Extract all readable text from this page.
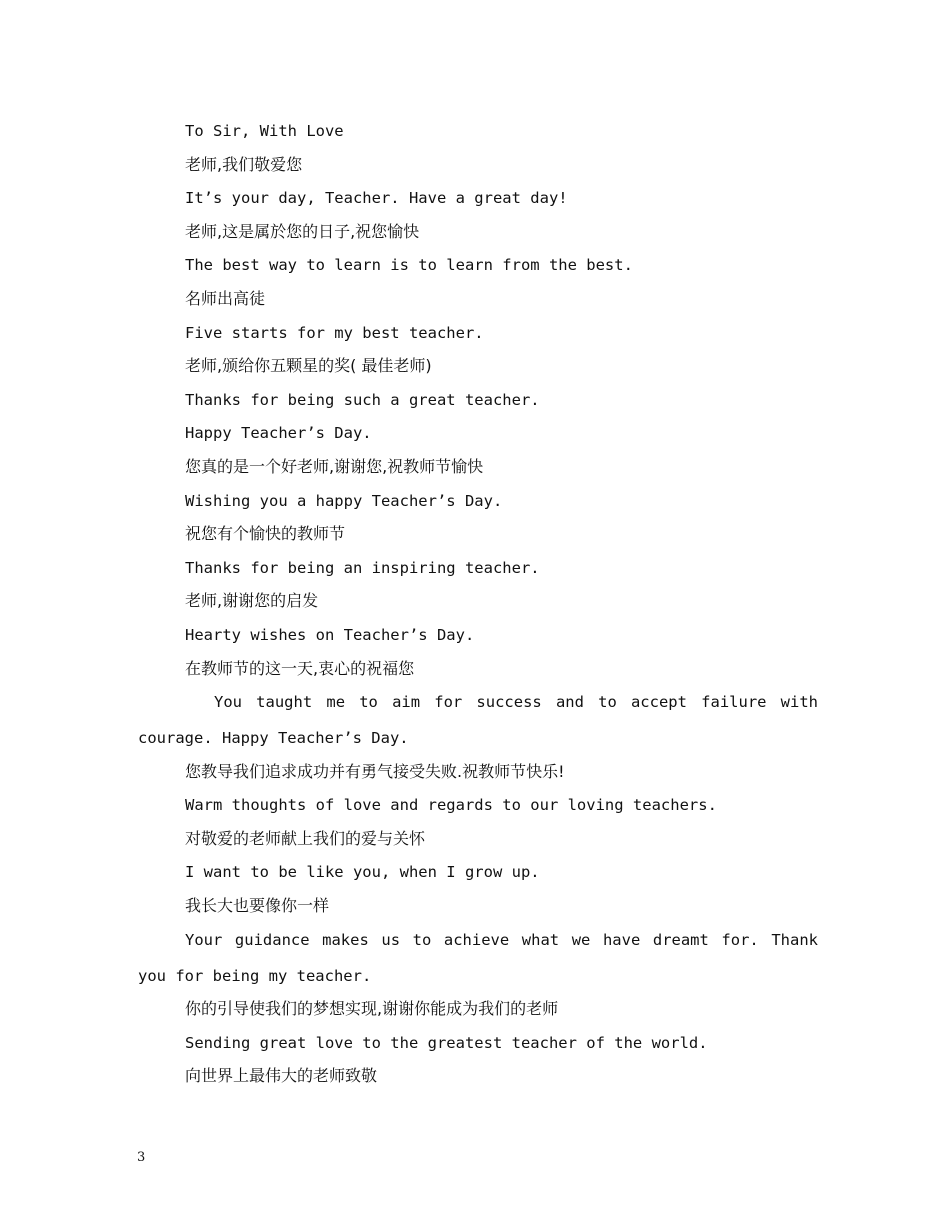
To Sir, With Love
老师,我们敬爱您
It’s your day, Teacher. Have a great day!
老师,这是属於您的日子,祝您愉快
The best way to learn is to learn from the best.
名师出高徒
Five starts for my best teacher.
老师,颁给你五颗星的奖( 最佳老师)
Thanks for being such a great teacher.
Happy Teacher’s Day.
您真的是一个好老师,谢谢您,祝教师节愉快
Wishing you a happy Teacher’s Day.
祝您有个愉快的教师节
Thanks for being an inspiring teacher.
老师,谢谢您的启发
Hearty wishes on Teacher’s Day.
在教师节的这一天,衷心的祝福您
You taught me to aim for success and to accept failure with courage. Happy Teacher’s Day.
您教导我们追求成功并有勇气接受失败.祝教师节快乐!
Warm thoughts of love and regards to our loving teachers.
对敬爱的老师献上我们的爱与关怀
I want to be like you, when I grow up.
我长大也要像你一样
Your guidance makes us to achieve what we have dreamt for. Thank you for being my teacher.
你的引导使我们的梦想实现,谢谢你能成为我们的老师
Sending great love to the greatest teacher of the world.
向世界上最伟大的老师致敬
3
